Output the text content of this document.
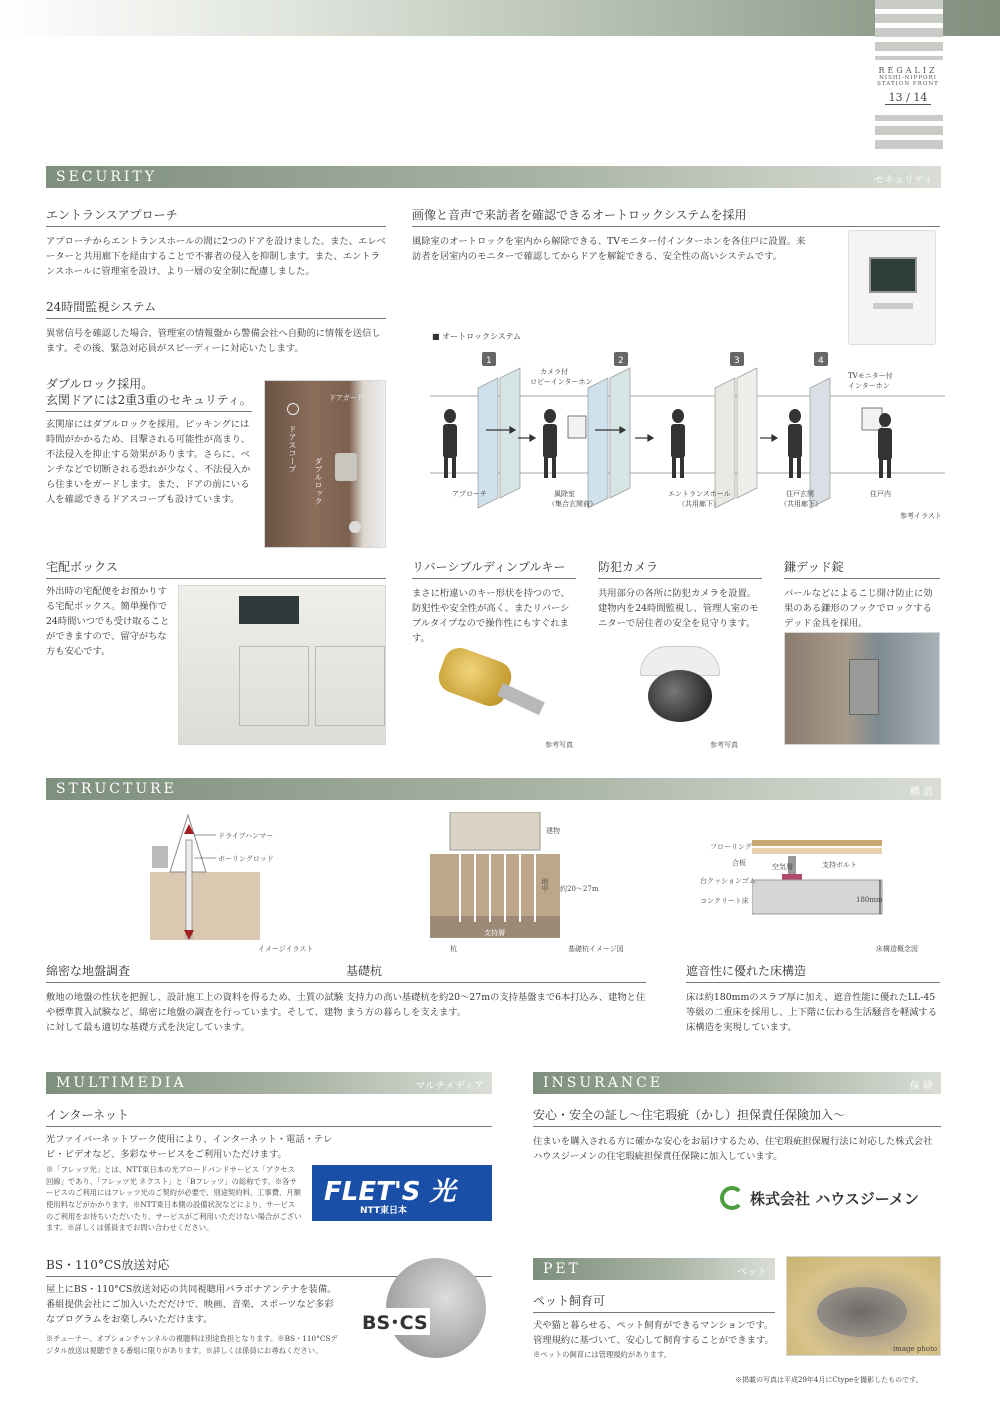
REGALIZ
NISHI-NIPPORI
STATION FRONT
13 / 14
SECURITY	セキュリティ
エントランスアプローチ
アプローチからエントランスホールの間に2つのドアを設けました。また、エレベーターと共用廊下を経由することで不審者の侵入を抑制します。また、エントランスホールに管理室を設け、より一層の安全制に配慮しました。
24時間監視システム
異常信号を確認した場合、管理室の情報盤から警備会社へ自動的に情報を送信します。その後、緊急対応員がスピーディーに対応いたします。
ダブルロック採用。
玄関ドアには2重3重のセキュリティ。
玄関扉にはダブルロックを採用。ピッキングには時間がかかるため、目撃される可能性が高まり、不法侵入を抑止する効果があります。さらに、ベンチなどで切断される恐れが少なく、不法侵入から住まいをガードします。また、ドアの前にいる人を確認できるドアスコープも設けています。
ドアガード
ドアスコープ
ダブルロック
画像と音声で来訪者を確認できるオートロックシステムを採用
風除室のオートロックを室内から解除できる、TVモニター付インターホンを各住戸に設置。来訪者を居室内のモニターで確認してからドアを解錠できる、安全性の高いシステムです。
■ オートロックシステム
1	2	3	4
カメラ付
ロビーインターホン
TVモニター付
インターホン
アプローチ	風除室
（集合玄関前）
エントランスホール
（共用廊下）
住戸玄関
（共用廊下）
住戸内
参考イラスト
宅配ボックス
外出時の宅配便をお預かりする宅配ボックス。簡単操作で24時間いつでも受け取ることができますので、留守がちな方も安心です。
リバーシブルディンプルキー
まさに桁違いのキー形状を持つので、防犯性や安全性が高く、またリバーシブルタイプなので操作性にもすぐれます。
参考写真
防犯カメラ
共用部分の各所に防犯カメラを設置。建物内を24時間監視し、管理人室のモニターで居住者の安全を見守ります。
参考写真
鎌デッド錠
バールなどによるこじ開け防止に効果のある鎌形のフックでロックするデッド金具を採用。
STRUCTURE	構 造
ドライブハンマー
ボーリングロッド
イメージイラスト
建物
地中 約20〜27m
支持層
杭	基礎杭イメージ図
フローリング
合板	空気層	支持ボルト
台クッションゴム
コンクリート床	180mm
床構造概念図
綿密な地盤調査
敷地の地盤の性状を把握し、設計施工上の資料を得るため、土質の試験や標準貫入試験など、綿密に地盤の調査を行っています。そして、建物に対して最も適切な基礎方式を決定しています。
基礎杭
支持力の高い基礎杭を約20〜27mの支持基盤まで6本打込み、建物と住まう方の暮らしを支えます。
遮音性に優れた床構造
床は約180mmのスラブ厚に加え、遮音性能に優れたLL-45等級の二重床を採用し、上下階に伝わる生活騒音を軽減する床構造を実現しています。
MULTIMEDIA	マルチメディア
インターネット
光ファイバーネットワーク使用により、インターネット・電話・テレビ・ビデオなど、多彩なサービスをご利用いただけます。
※「フレッツ光」とは、NTT東日本の光ブロードバンドサービス「アクセス回線」であり、「フレッツ光 ネクスト」と「Bフレッツ」の総称です。※各サービスのご利用にはフレッツ光のご契約が必要で、別途契約料、工事費、月額使用料などがかかります。※NTT東日本側の設備状況などにより、サービスのご利用をお待ちいただいたり、サービスがご利用いただけない場合がございます。※詳しくは係員までお問い合わせください。
FLET'S 光
NTT東日本
BS・110°CS放送対応
屋上にBS・110°CS放送対応の共同視聴用パラボナアンテナを装備。番組提供会社にご加入いただだけで、映画、音楽、スポーツなど多彩なプログラムをお楽しみいただけます。
※チューナー、オプションチャンネルの視聴料は別途負担となります。※BS・110°CSデジタル放送は視聴できる番組に限りがあります。※詳しくは係員にお尋ねください。
BS･CS
INSURANCE	保 険
安心・安全の証し〜住宅瑕疵（かし）担保責任保険加入〜
住まいを購入される方に確かな安心をお届けするため、住宅瑕疵担保履行法に対応した株式会社ハウスジーメンの住宅瑕疵担保責任保険に加入しています。
株式会社 ハウスジーメン
PET	ペット
ペット飼育可
犬や猫と暮らせる、ペット飼育ができるマンションです。管理規約に基づいて、安心して飼育することができます。
※ペットの飼育には管理規約があります。
image photo
※掲載の写真は平成29年4月にCtypeを撮影したものです。
